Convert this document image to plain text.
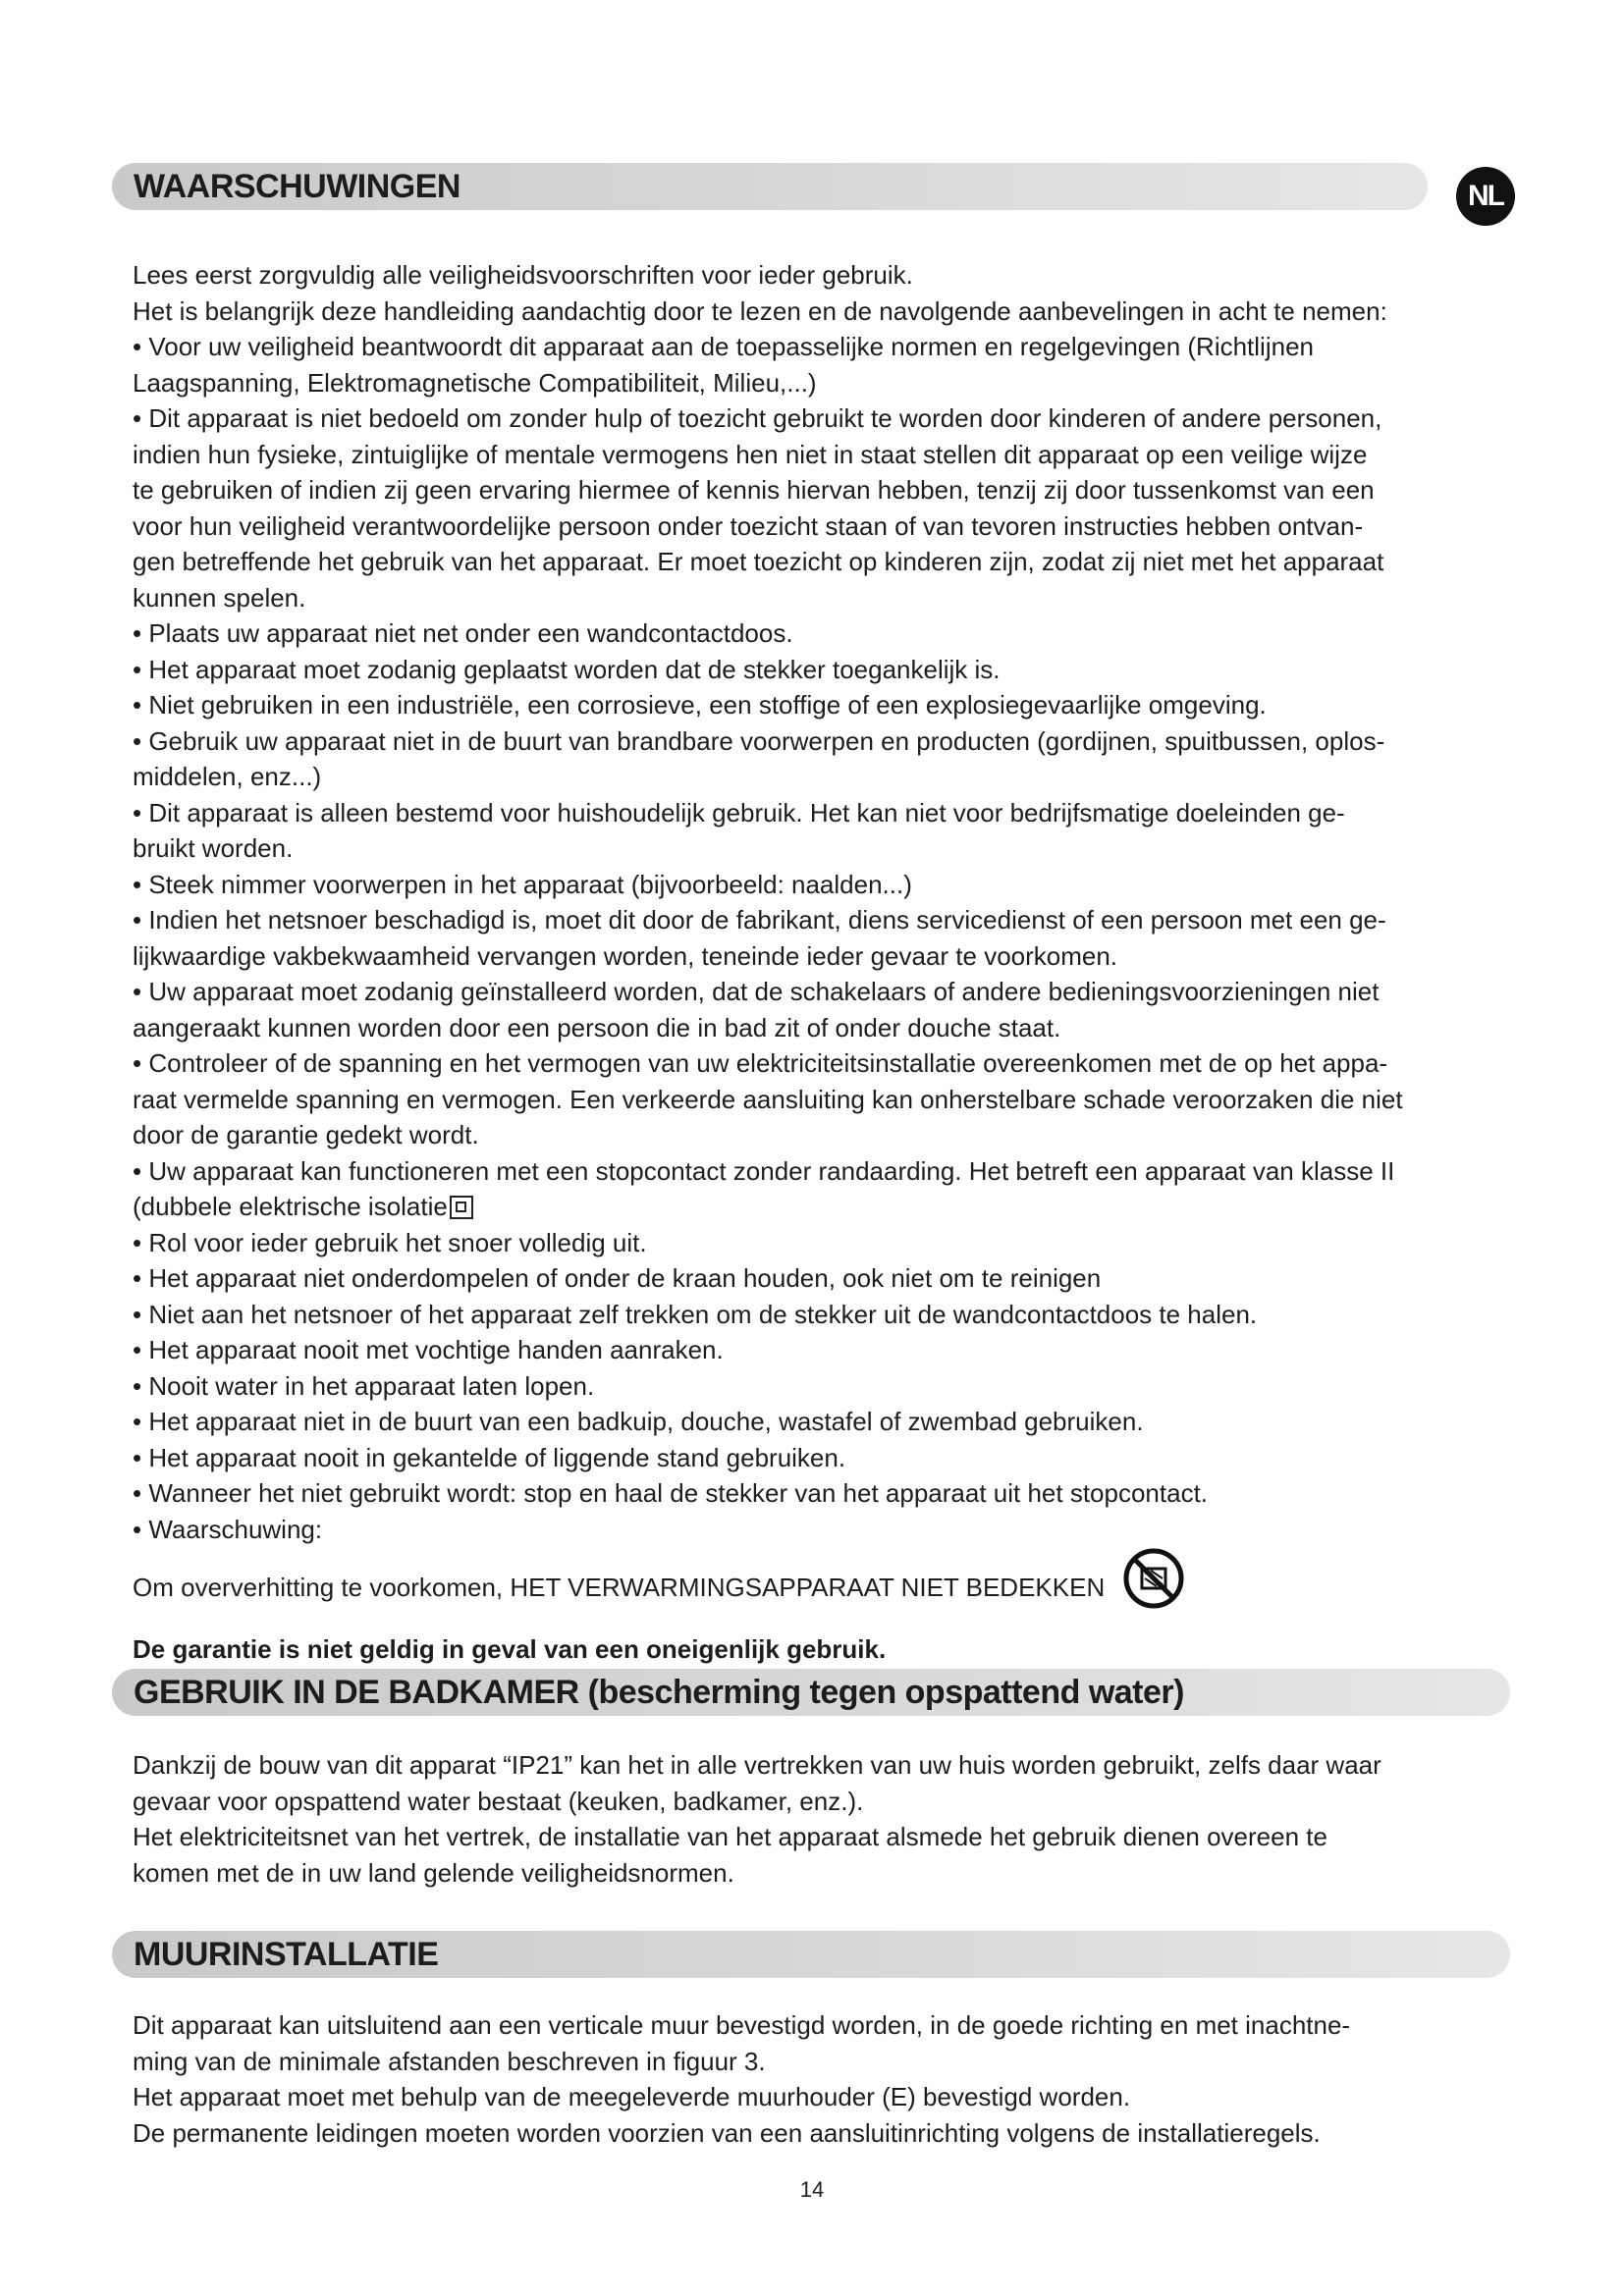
WAARSCHUWINGEN	NL

Lees eerst zorgvuldig alle veiligheidsvoorschriften voor ieder gebruik.

Het is belangrijk deze handleiding aandachtig door te lezen en de navolgende aanbevelingen in acht te nemen:

• Voor uw veiligheid beantwoordt dit apparaat aan de toepasselijke normen en regelgevingen (Richtlijnen

Laagspanning, Elektromagnetische Compatibiliteit, Milieu,...)

• Dit apparaat is niet bedoeld om zonder hulp of toezicht gebruikt te worden door kinderen of andere personen,

indien hun fysieke, zintuiglijke of mentale vermogens hen niet in staat stellen dit apparaat op een veilige wijze

te gebruiken of indien zij geen ervaring hiermee of kennis hiervan hebben, tenzij zij door tussenkomst van een

voor hun veiligheid verantwoordelijke persoon onder toezicht staan of van tevoren instructies hebben ontvan-

gen betreffende het gebruik van het apparaat. Er moet toezicht op kinderen zijn, zodat zij niet met het apparaat

kunnen spelen.

• Plaats uw apparaat niet net onder een wandcontactdoos.

• Het apparaat moet zodanig geplaatst worden dat de stekker toegankelijk is.

• Niet gebruiken in een industriële, een corrosieve, een stoffige of een explosiegevaarlijke omgeving.

• Gebruik uw apparaat niet in de buurt van brandbare voorwerpen en producten (gordijnen, spuitbussen, oplos-

middelen, enz...)

• Dit apparaat is alleen bestemd voor huishoudelijk gebruik. Het kan niet voor bedrijfsmatige doeleinden ge-

bruikt worden.

• Steek nimmer voorwerpen in het apparaat (bijvoorbeeld: naalden...)

• Indien het netsnoer beschadigd is, moet dit door de fabrikant, diens servicedienst of een persoon met een ge-

lijkwaardige vakbekwaamheid vervangen worden, teneinde ieder gevaar te voorkomen.

• Uw apparaat moet zodanig geïnstalleerd worden, dat de schakelaars of andere bedieningsvoorzieningen niet

aangeraakt kunnen worden door een persoon die in bad zit of onder douche staat.

• Controleer of de spanning en het vermogen van uw elektriciteitsinstallatie overeenkomen met de op het appa-

raat vermelde spanning en vermogen. Een verkeerde aansluiting kan onherstelbare schade veroorzaken die niet

door de garantie gedekt wordt.

• Uw apparaat kan functioneren met een stopcontact zonder randaarding. Het betreft een apparaat van klasse II

(dubbele elektrische isolatie

• Rol voor ieder gebruik het snoer volledig uit.

• Het apparaat niet onderdompelen of onder de kraan houden, ook niet om te reinigen

• Niet aan het netsnoer of het apparaat zelf trekken om de stekker uit de wandcontactdoos te halen.

• Het apparaat nooit met vochtige handen aanraken.

• Nooit water in het apparaat laten lopen.

• Het apparaat niet in de buurt van een badkuip, douche, wastafel of zwembad gebruiken.

• Het apparaat nooit in gekantelde of liggende stand gebruiken.

• Wanneer het niet gebruikt wordt: stop en haal de stekker van het apparaat uit het stopcontact.

• Waarschuwing:

Om oververhitting te voorkomen, HET VERWARMINGSAPPARAAT NIET BEDEKKEN

De garantie is niet geldig in geval van een oneigenlijk gebruik.

GEBRUIK IN DE BADKAMER (bescherming tegen opspattend water)

Dankzij de bouw van dit apparat “IP21” kan het in alle vertrekken van uw huis worden gebruikt, zelfs daar waar

gevaar voor opspattend water bestaat (keuken, badkamer, enz.).

Het elektriciteitsnet van het vertrek, de installatie van het apparaat alsmede het gebruik dienen overeen te

komen met de in uw land gelende veiligheidsnormen.

MUURINSTALLATIE

Dit apparaat kan uitsluitend aan een verticale muur bevestigd worden, in de goede richting en met inachtne-

ming van de minimale afstanden beschreven in figuur 3.

Het apparaat moet met behulp van de meegeleverde muurhouder (E) bevestigd worden.

De permanente leidingen moeten worden voorzien van een aansluitinrichting volgens de installatieregels.

14
